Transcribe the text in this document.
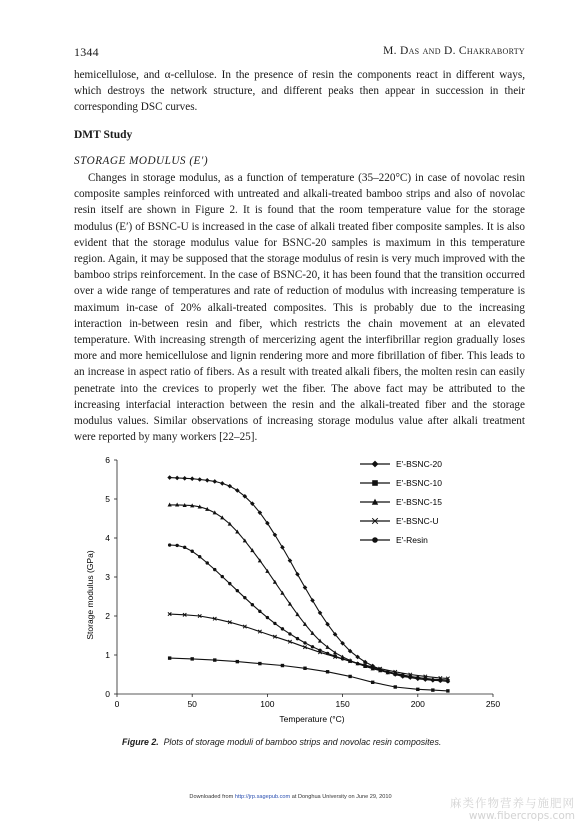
1344	M. Das and D. Chakraborty
hemicellulose, and α-cellulose. In the presence of resin the components react in different ways, which destroys the network structure, and different peaks then appear in succession in their corresponding DSC curves.
DMT Study
STORAGE MODULUS (E′)
Changes in storage modulus, as a function of temperature (35–220°C) in case of novolac resin composite samples reinforced with untreated and alkali-treated bamboo strips and also of novolac resin itself are shown in Figure 2. It is found that the room temperature value for the storage modulus (E′) of BSNC-U is increased in the case of alkali treated fiber composite samples. It is also evident that the storage modulus value for BSNC-20 samples is maximum in this temperature region. Again, it may be supposed that the storage modulus of resin is very much improved with the bamboo strips reinforcement. In the case of BSNC-20, it has been found that the transition occurred over a wide range of temperatures and rate of reduction of modulus with increasing temperature is maximum in-case of 20% alkali-treated composites. This is probably due to the increasing interaction in-between resin and fiber, which restricts the chain movement at an elevated temperature. With increasing strength of mercerizing agent the interfibrillar region gradually loses more and more hemicellulose and lignin rendering more and more fibrillation of fiber. This leads to an increase in aspect ratio of fibers. As a result with treated alkali fibers, the molten resin can easily penetrate into the crevices to properly wet the fiber. The above fact may be attributed to the increasing interfacial interaction between the resin and the alkali-treated fiber and the storage modulus values. Similar observations of increasing storage modulus value after alkali treatment were reported by many workers [22–25].
0
1
2
3
4
5
6
0	50	100	150	200	250
E′-BSNC-20
E′-BSNC-10
E′-BSNC-15
E′-BSNC-U
E′-Resin
Storage modulus (GPa)
Temperature (°C)
Figure 2. Plots of storage moduli of bamboo strips and novolac resin composites.
Downloaded from http://jrp.sagepub.com at Donghua University on June 29, 2010	麻类作物营养与施肥网
www.fibercrops.com
